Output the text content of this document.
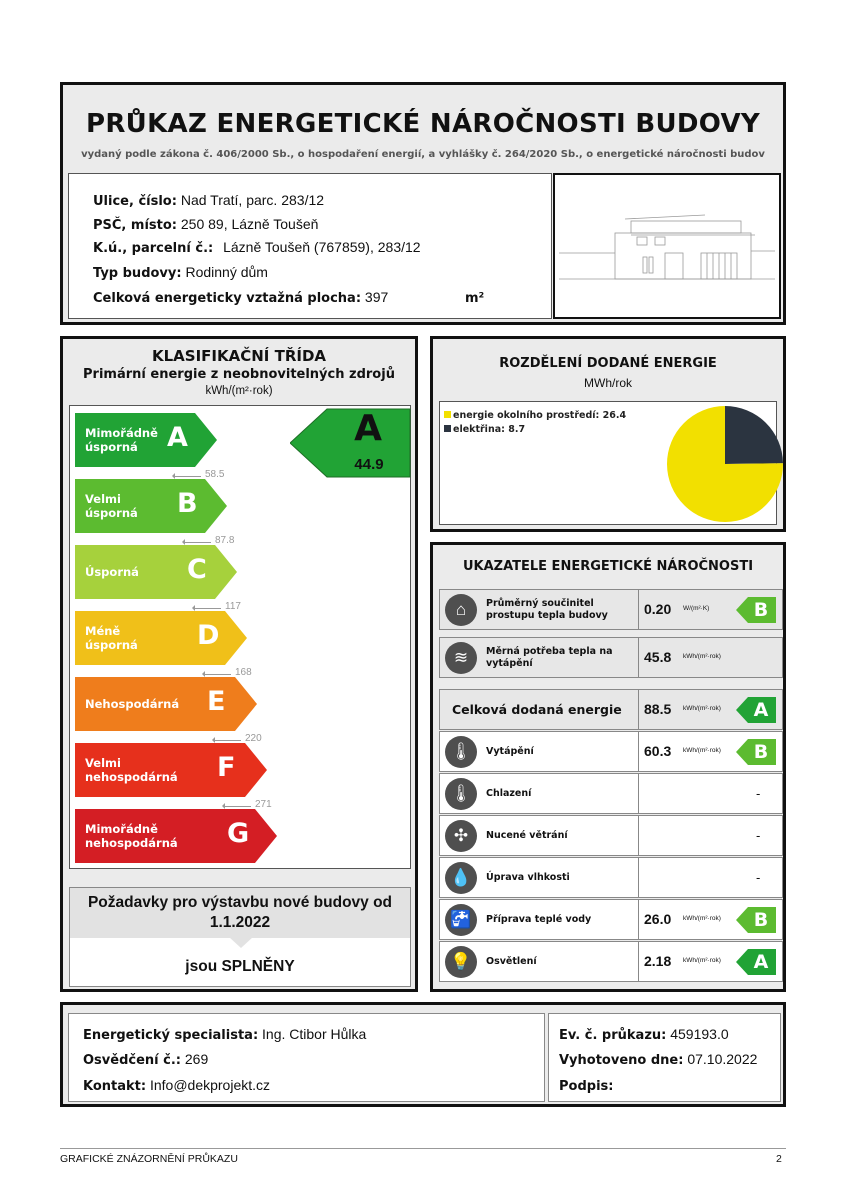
PRŮKAZ ENERGETICKÉ NÁROČNOSTI BUDOVY
vydaný podle zákona č. 406/2000 Sb., o hospodaření energií, a vyhlášky č. 264/2020 Sb., o energetické náročnosti budov
Ulice, číslo: Nad Tratí, parc. 283/12
PSČ, místo: 250 89, Lázně Toušeň
K.ú., parcelní č.: Lázně Toušeň (767859), 283/12
Typ budovy: Rodinný dům
Celková energeticky vztažná plocha: 397	m²
KLASIFIKAČNÍ TŘÍDA
Primární energie z neobnovitelných zdrojů
kWh/(m²·rok)
Mimořádně úsporná	A
58.5
Velmi úsporná	B
87.8
Úsporná	C
117
Méně úsporná	D
168
Nehospodárná E
220
Velmi nehospodárná F
271
Mimořádně nehospodárná G
A
44.9
Požadavky pro výstavbu nové budovy od 1.1.2022
jsou SPLNĚNY
ROZDĚLENÍ DODANÉ ENERGIE
MWh/rok
energie okolního prostředí: 26.4
elektřina: 8.7
UKAZATELE ENERGETICKÉ NÁROČNOSTI
⌂	Průměrný součinitel prostupu tepla budovy	0.20 W/(m²·K)	B
≋	Měrná potřeba tepla na vytápění	45.8 kWh/(m²·rok)
Celková dodaná energie	88.5 kWh/(m²·rok) A
🌡	Vytápění	60.3 kWh/(m²·rok)	B
🌡	Chlazení	-
✣	Nucené větrání	-
💧	Úprava vlhkosti	-
🚰	Příprava teplé vody	26.0 kWh/(m²·rok)	B
💡	Osvětlení	2.18 kWh/(m²·rok) A
Energetický specialista: Ing. Ctibor Hůlka
Osvědčení č.: 269
Kontakt: Info@dekprojekt.cz
Ev. č. průkazu: 459193.0
Vyhotoveno dne: 07.10.2022
Podpis:
GRAFICKÉ ZNÁZORNĚNÍ PRŮKAZU	2
